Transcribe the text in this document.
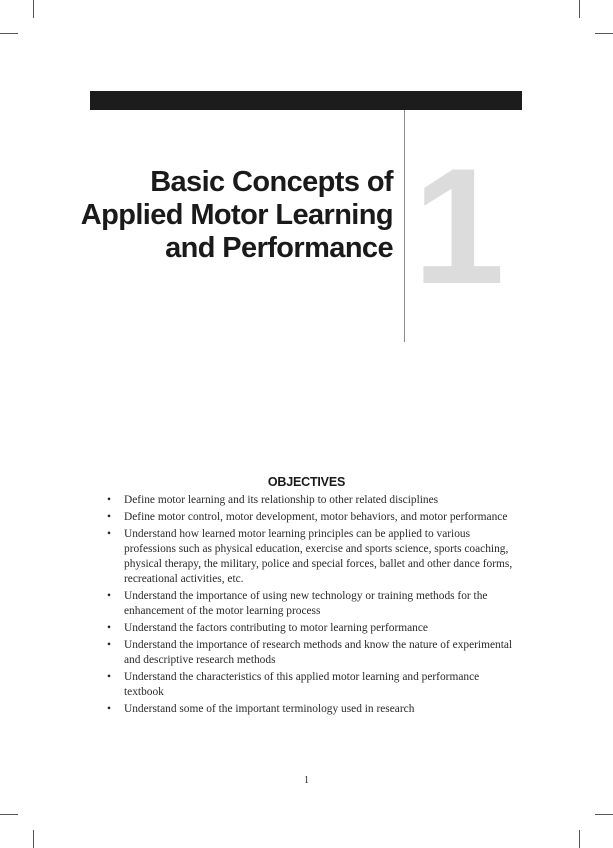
Basic Concepts of
Applied Motor Learning
and Performance 1
OBJECTIVES
• Define motor learning and its relationship to other related disciplines
• Define motor control, motor development, motor behaviors, and motor performance
• Understand how learned motor learning principles can be applied to various professions such as physical education, exercise and sports science, sports coaching, physical therapy, the military, police and special forces, ballet and other dance forms, recreational activities, etc.
• Understand the importance of using new technology or training methods for the enhancement of the motor learning process
• Understand the factors contributing to motor learning performance
• Understand the importance of research methods and know the nature of experimental and descriptive research methods
• Understand the characteristics of this applied motor learning and performance textbook
• Understand some of the important terminology used in research
1
